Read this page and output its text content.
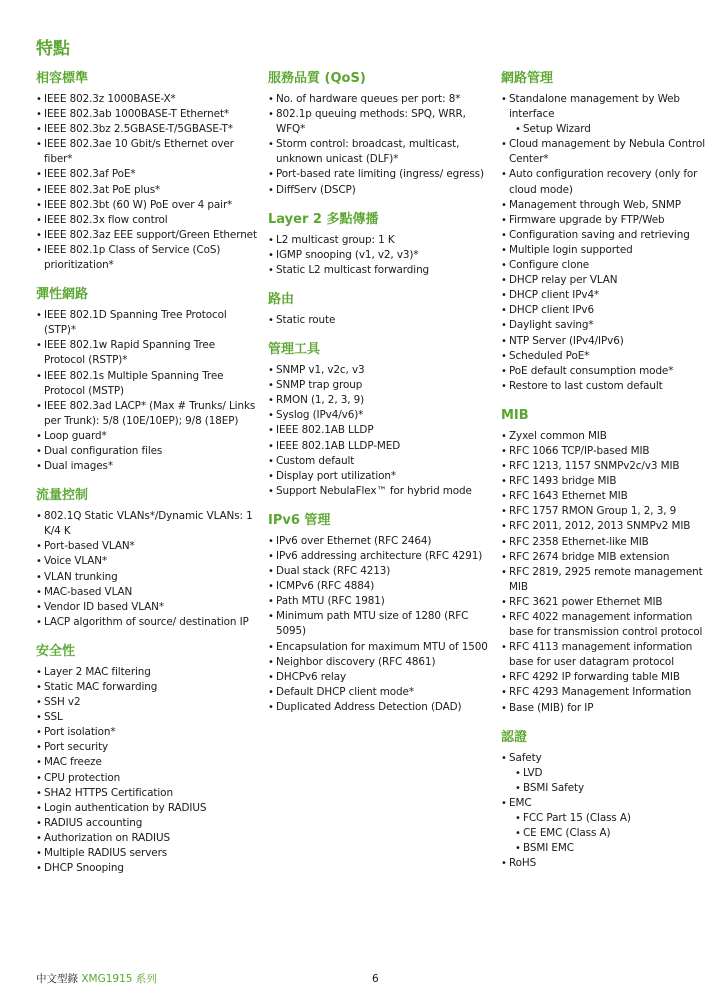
特點
相容標準
• IEEE 802.3z 1000BASE-X*
• IEEE 802.3ab 1000BASE-T Ethernet*
• IEEE 802.3bz 2.5GBASE-T/5GBASE-T*
• IEEE 802.3ae 10 Gbit/s Ethernet over fiber*
• IEEE 802.3af PoE*
• IEEE 802.3at PoE plus*
• IEEE 802.3bt (60 W) PoE over 4 pair*
• IEEE 802.3x flow control
• IEEE 802.3az EEE support/Green Ethernet
• IEEE 802.1p Class of Service (CoS) prioritization*
彈性網路
• IEEE 802.1D Spanning Tree Protocol (STP)*
• IEEE 802.1w Rapid Spanning Tree Protocol (RSTP)*
• IEEE 802.1s Multiple Spanning Tree Protocol (MSTP)
• IEEE 802.3ad LACP* (Max # Trunks/ Links per Trunk): 5/8 (10E/10EP); 9/8 (18EP)
• Loop guard*
• Dual configuration files
• Dual images*
流量控制
• 802.1Q Static VLANs*/Dynamic VLANs: 1 K/4 K
• Port-based VLAN*
• Voice VLAN*
• VLAN trunking
• MAC-based VLAN
• Vendor ID based VLAN*
• LACP algorithm of source/ destination IP
安全性
• Layer 2 MAC filtering
• Static MAC forwarding
• SSH v2
• SSL
• Port isolation*
• Port security
• MAC freeze
• CPU protection
• SHA2 HTTPS Certification
• Login authentication by RADIUS
• RADIUS accounting
• Authorization on RADIUS
• Multiple RADIUS servers
• DHCP Snooping
服務品質 (QoS)
• No. of hardware queues per port: 8*
• 802.1p queuing methods: SPQ, WRR, WFQ*
• Storm control: broadcast, multicast, unknown unicast (DLF)*
• Port-based rate limiting (ingress/ egress)
• DiffServ (DSCP)
Layer 2 多點傳播
• L2 multicast group: 1 K
• IGMP snooping (v1, v2, v3)*
• Static L2 multicast forwarding
路由
• Static route
管理工具
• SNMP v1, v2c, v3
• SNMP trap group
• RMON (1, 2, 3, 9)
• Syslog (IPv4/v6)*
• IEEE 802.1AB LLDP
• IEEE 802.1AB LLDP-MED
• Custom default
• Display port utilization*
• Support NebulaFlex™ for hybrid mode
IPv6 管理
• IPv6 over Ethernet (RFC 2464)
• IPv6 addressing architecture (RFC 4291)
• Dual stack (RFC 4213)
• ICMPv6 (RFC 4884)
• Path MTU (RFC 1981)
• Minimum path MTU size of 1280 (RFC 5095)
• Encapsulation for maximum MTU of 1500
• Neighbor discovery (RFC 4861)
• DHCPv6 relay
• Default DHCP client mode*
• Duplicated Address Detection (DAD)
網路管理
• Standalone management by Web interface
• Setup Wizard
• Cloud management by Nebula Control Center*
• Auto configuration recovery (only for cloud mode)
• Management through Web, SNMP
• Firmware upgrade by FTP/Web
• Configuration saving and retrieving
• Multiple login supported
• Configure clone
• DHCP relay per VLAN
• DHCP client IPv4*
• DHCP client IPv6
• Daylight saving*
• NTP Server (IPv4/IPv6)
• Scheduled PoE*
• PoE default consumption mode*
• Restore to last custom default
MIB
• Zyxel common MIB
• RFC 1066 TCP/IP-based MIB
• RFC 1213, 1157 SNMPv2c/v3 MIB
• RFC 1493 bridge MIB
• RFC 1643 Ethernet MIB
• RFC 1757 RMON Group 1, 2, 3, 9
• RFC 2011, 2012, 2013 SNMPv2 MIB
• RFC 2358 Ethernet-like MIB
• RFC 2674 bridge MIB extension
• RFC 2819, 2925 remote management MIB
• RFC 3621 power Ethernet MIB
• RFC 4022 management information base for transmission control protocol
• RFC 4113 management information base for user datagram protocol
• RFC 4292 IP forwarding table MIB
• RFC 4293 Management Information
• Base (MIB) for IP
認證
• Safety
• LVD
• BSMI Safety
• EMC
• FCC Part 15 (Class A)
• CE EMC (Class A)
• BSMI EMC
• RoHS
中文型錄 XMG1915 系列	6
